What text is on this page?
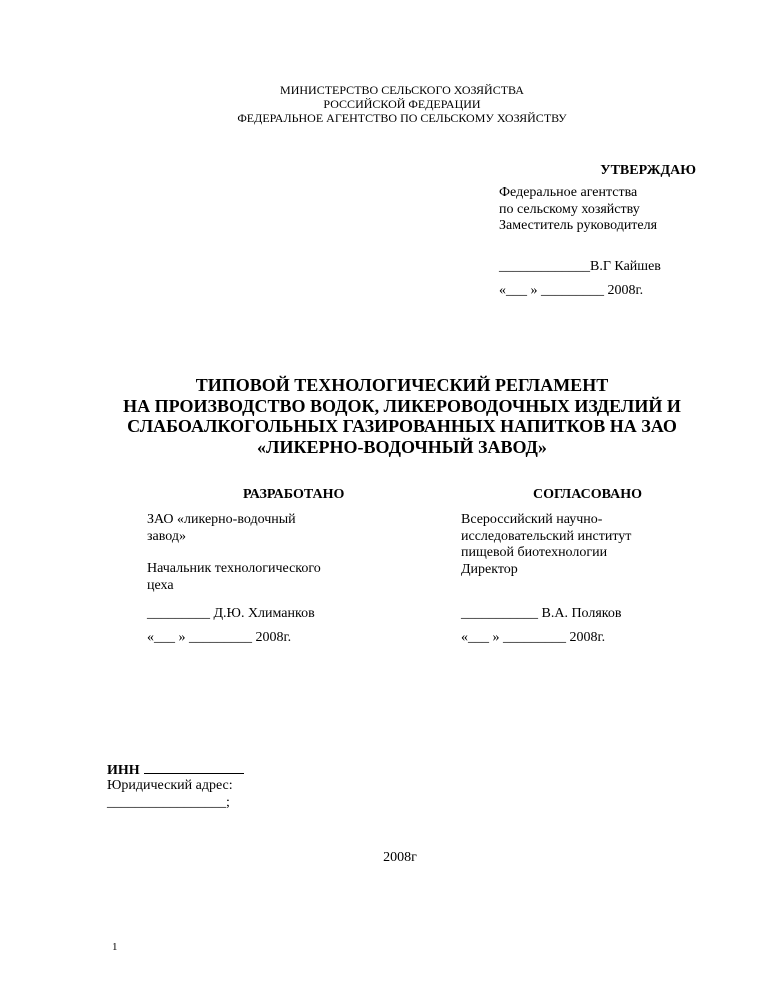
МИНИСТЕРСТВО СЕЛЬСКОГО ХОЗЯЙСТВА
РОССИЙСКОЙ ФЕДЕРАЦИИ
ФЕДЕРАЛЬНОЕ АГЕНТСТВО ПО СЕЛЬСКОМУ ХОЗЯЙСТВУ
УТВЕРЖДАЮ
Федеральное агентства
по сельскому хозяйству
Заместитель руководителя
_____________В.Г Кайшев
«___ » _________ 2008г.
ТИПОВОЙ ТЕХНОЛОГИЧЕСКИЙ РЕГЛАМЕНТ
НА ПРОИЗВОДСТВО ВОДОК, ЛИКЕРОВОДОЧНЫХ ИЗДЕЛИЙ И
СЛАБОАЛКОГОЛЬНЫХ ГАЗИРОВАННЫХ НАПИТКОВ НА ЗАО
«ЛИКЕРНО-ВОДОЧНЫЙ ЗАВОД»
РАЗРАБОТАНО	СОГЛАСОВАНО
ЗАО «ликерно-водочный
завод»
Начальник технологического
цеха
_________ Д.Ю. Хлиманков
«___ » _________ 2008г.
Всероссийский научно-
исследовательский институт
пищевой биотехнологии
Директор
___________ В.А. Поляков
«___ » _________ 2008г.
ИНН
Юридический адрес:
_________________;
2008г
1
